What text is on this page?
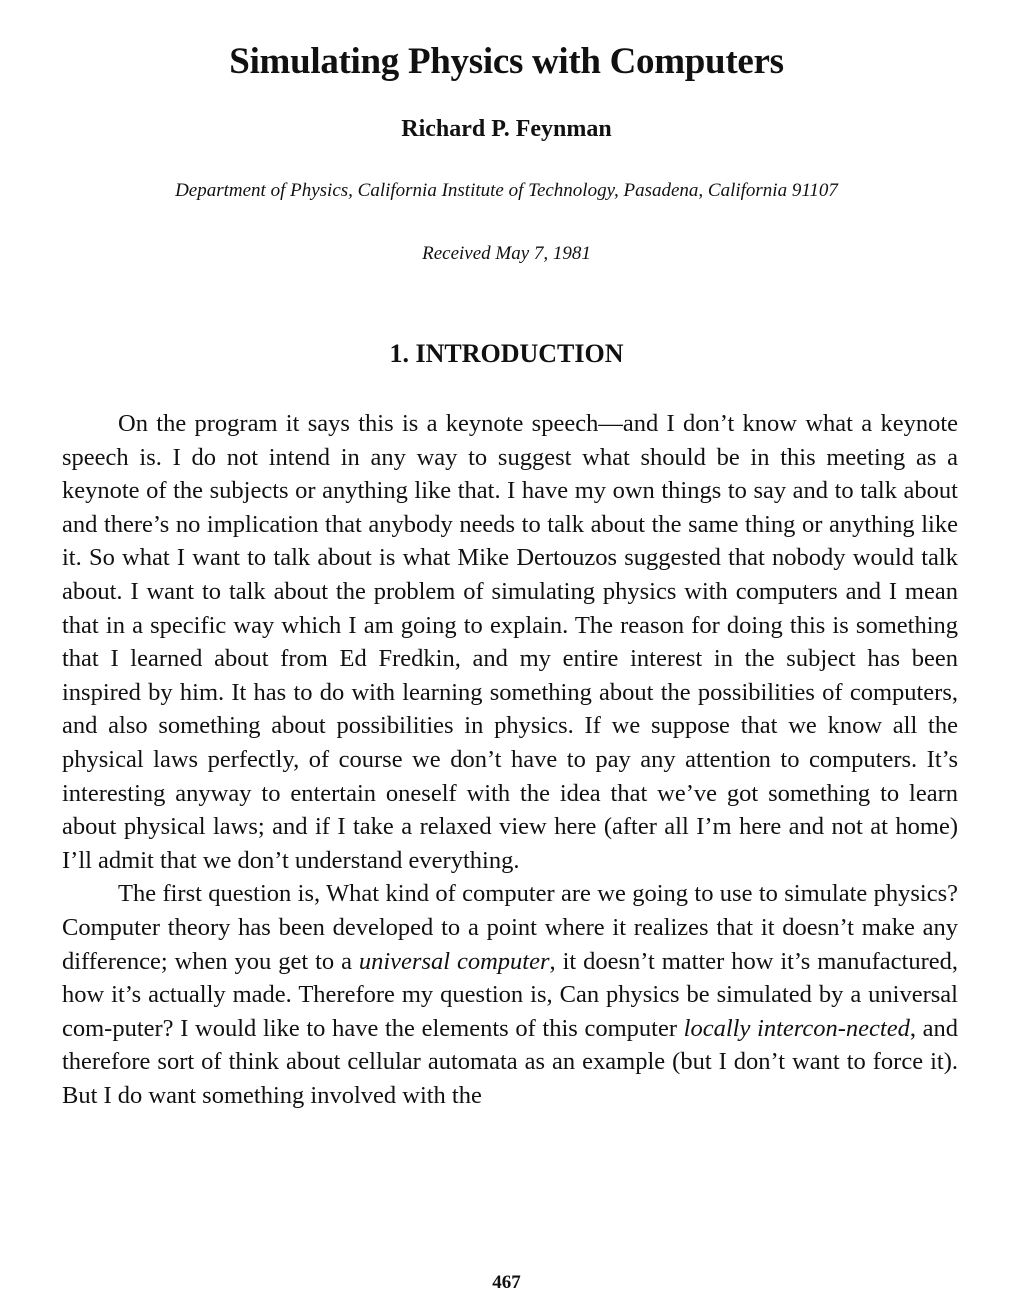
Simulating Physics with Computers
Richard P. Feynman
Department of Physics, California Institute of Technology, Pasadena, California 91107
Received May 7, 1981
1. INTRODUCTION

On the program it says this is a keynote speech—and I don’t know what a keynote speech is. I do not intend in any way to suggest what should be in this meeting as a keynote of the subjects or anything like that. I have my own things to say and to talk about and there’s no implication that anybody needs to talk about the same thing or anything like it. So what I want to talk about is what Mike Dertouzos suggested that nobody would talk about. I want to talk about the problem of simulating physics with computers and I mean that in a specific way which I am going to explain. The reason for doing this is something that I learned about from Ed Fredkin, and my entire interest in the subject has been inspired by him. It has to do with learning something about the possibilities of computers, and also something about possibilities in physics. If we suppose that we know all the physical laws perfectly, of course we don’t have to pay any attention to computers. It’s interesting anyway to entertain oneself with the idea that we’ve got something to learn about physical laws; and if I take a relaxed view here (after all I’m here and not at home) I’ll admit that we don’t understand everything.

The first question is, What kind of computer are we going to use to simulate physics? Computer theory has been developed to a point where it realizes that it doesn’t make any difference; when you get to a universal computer, it doesn’t matter how it’s manufactured, how it’s actually made. Therefore my question is, Can physics be simulated by a universal com-puter? I would like to have the elements of this computer locally intercon-nected, and therefore sort of think about cellular automata as an example (but I don’t want to force it). But I do want something involved with the

467
